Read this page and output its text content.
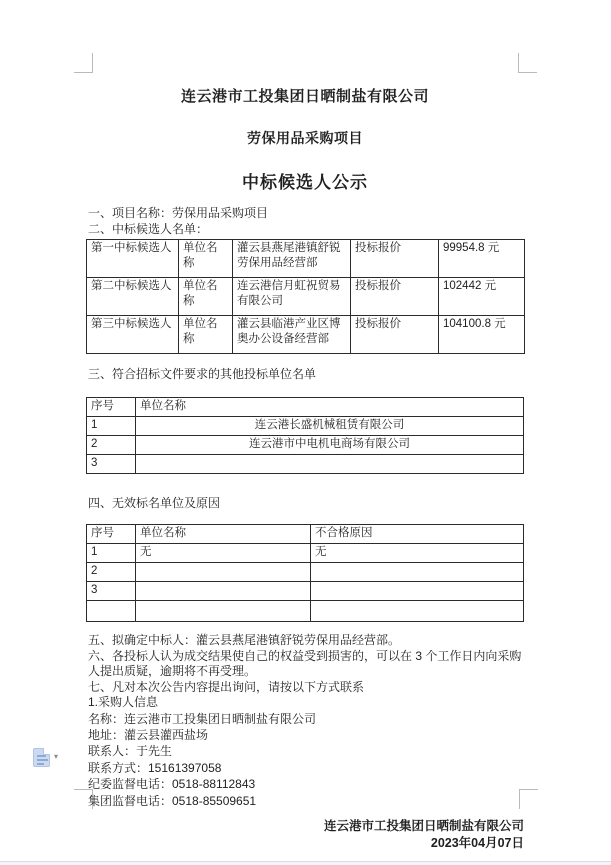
连云港市工投集团日晒制盐有限公司
劳保用品采购项目
中标候选人公示

一、项目名称：劳保用品采购项目

二、中标候选人名单：

第一中标候选人	单位名称	灌云县燕尾港镇舒锐劳保用品经营部	投标报价	99954.8 元
第二中标候选人	单位名称	连云港信月虹祝贸易有限公司	投标报价	102442 元
第三中标候选人	单位名称	灌云县临港产业区博奥办公设备经营部	投标报价	104100.8 元

三、符合招标文件要求的其他投标单位名单

序号	单位名称
1	连云港长盛机械租赁有限公司
2	连云港市中电机电商场有限公司
3	

四、无效标名单位及原因

序号	单位名称	不合格原因
1	无	无
2		
3		

五、拟确定中标人：灌云县燕尾港镇舒锐劳保用品经营部。

六、各投标人认为成交结果使自己的权益受到损害的，可以在 3 个工作日内向采购人提出质疑，逾期将不再受理。

七、凡对本次公告内容提出询问，请按以下方式联系

1.采购人信息

名称：连云港市工投集团日晒制盐有限公司

地址：灌云县灌西盐场

联系人：于先生

联系方式：15161397058

纪委监督电话：0518-88112843

集团监督电话：0518-85509651

连云港市工投集团日晒制盐有限公司
2023年04月07日
▾
